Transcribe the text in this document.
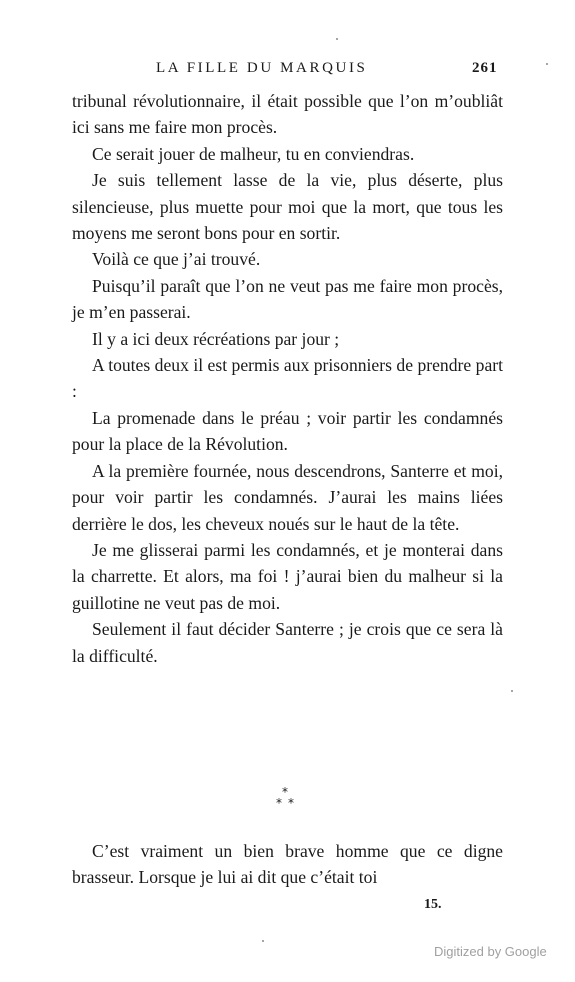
LA FILLE DU MARQUIS	261

tribunal révolutionnaire, il était possible que l’on m’oubliât ici sans me faire mon procès.

Ce serait jouer de malheur, tu en conviendras.

Je suis tellement lasse de la vie, plus déserte, plus silencieuse, plus muette pour moi que la mort, que tous les moyens me seront bons pour en sortir.

Voilà ce que j’ai trouvé.

Puisqu’il paraît que l’on ne veut pas me faire mon procès, je m’en passerai.

Il y a ici deux récréations par jour ;

A toutes deux il est permis aux prisonniers de prendre part :

La promenade dans le préau ; voir partir les condamnés pour la place de la Révolution.

A la première fournée, nous descendrons, Santerre et moi, pour voir partir les condamnés. J’aurai les mains liées derrière le dos, les cheveux noués sur le haut de la tête.

Je me glisserai parmi les condamnés, et je monterai dans la charrette. Et alors, ma foi ! j’aurai bien du malheur si la guillotine ne veut pas de moi.

Seulement il faut décider Santerre ; je crois que ce sera là la difficulté.

*
* *

C’est vraiment un bien brave homme que ce digne brasseur. Lorsque je lui ai dit que c’était toi

15.
Digitized by Google
